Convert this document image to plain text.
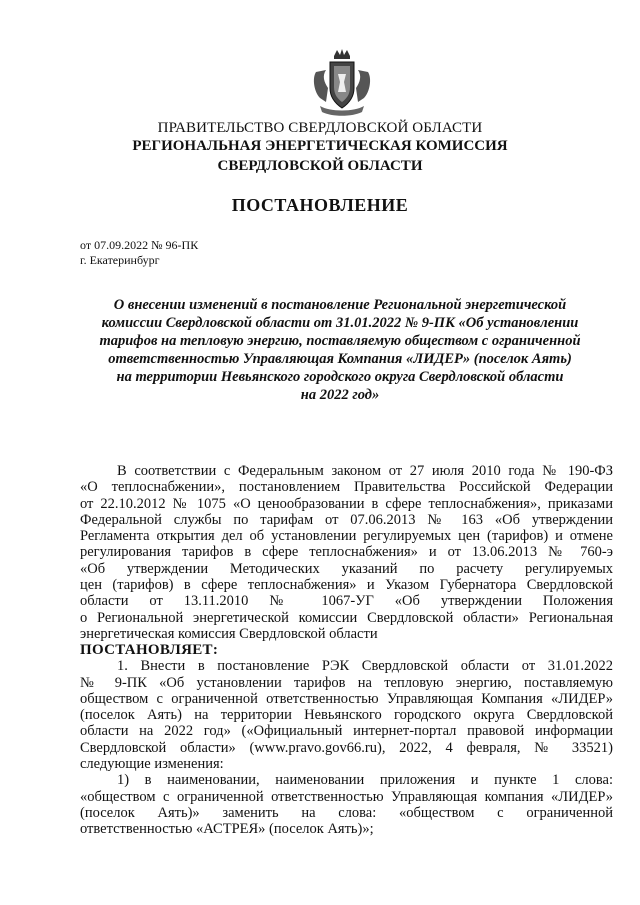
ПРАВИТЕЛЬСТВО СВЕРДЛОВСКОЙ ОБЛАСТИ
РЕГИОНАЛЬНАЯ ЭНЕРГЕТИЧЕСКАЯ КОМИССИЯ
СВЕРДЛОВСКОЙ ОБЛАСТИ
ПОСТАНОВЛЕНИЕ
от 07.09.2022 № 96-ПК
г. Екатеринбург
О внесении изменений в постановление Региональной энергетической
комиссии Свердловской области от 31.01.2022 № 9-ПК «Об установлении
тарифов на тепловую энергию, поставляемую обществом с ограниченной
ответственностью Управляющая Компания «ЛИДЕР» (поселок Аять)
на территории Невьянского городского округа Свердловской области
на 2022 год»

В соответствии с Федеральным законом от 27 июля 2010 года № 190-ФЗ

«О теплоснабжении», постановлением Правительства Российской Федерации

от 22.10.2012 № 1075 «О ценообразовании в сфере теплоснабжения», приказами

Федеральной службы по тарифам от 07.06.2013 № 163 «Об утверждении

Регламента открытия дел об установлении регулируемых цен (тарифов) и отмене

регулирования тарифов в сфере теплоснабжения» и от 13.06.2013 № 760-э

«Об утверждении Методических указаний по расчету регулируемых

цен (тарифов) в сфере теплоснабжения» и Указом Губернатора Свердловской

области от 13.11.2010 № 1067-УГ «Об утверждении Положения

о Региональной энергетической комиссии Свердловской области» Региональная

энергетическая комиссия Свердловской области

ПОСТАНОВЛЯЕТ:

1. Внести в постановление РЭК Свердловской области от 31.01.2022

№ 9-ПК «Об установлении тарифов на тепловую энергию, поставляемую

обществом с ограниченной ответственностью Управляющая Компания «ЛИДЕР»

(поселок Аять) на территории Невьянского городского округа Свердловской

области на 2022 год» («Официальный интернет-портал правовой информации

Свердловской области» (www.pravo.gov66.ru), 2022, 4 февраля, № 33521)

следующие изменения:

1) в наименовании, наименовании приложения и пункте 1 слова:

«обществом с ограниченной ответственностью Управляющая компания «ЛИДЕР»

(поселок Аять)» заменить на слова: «обществом с ограниченной

ответственностью «АСТРЕЯ» (поселок Аять)»;
